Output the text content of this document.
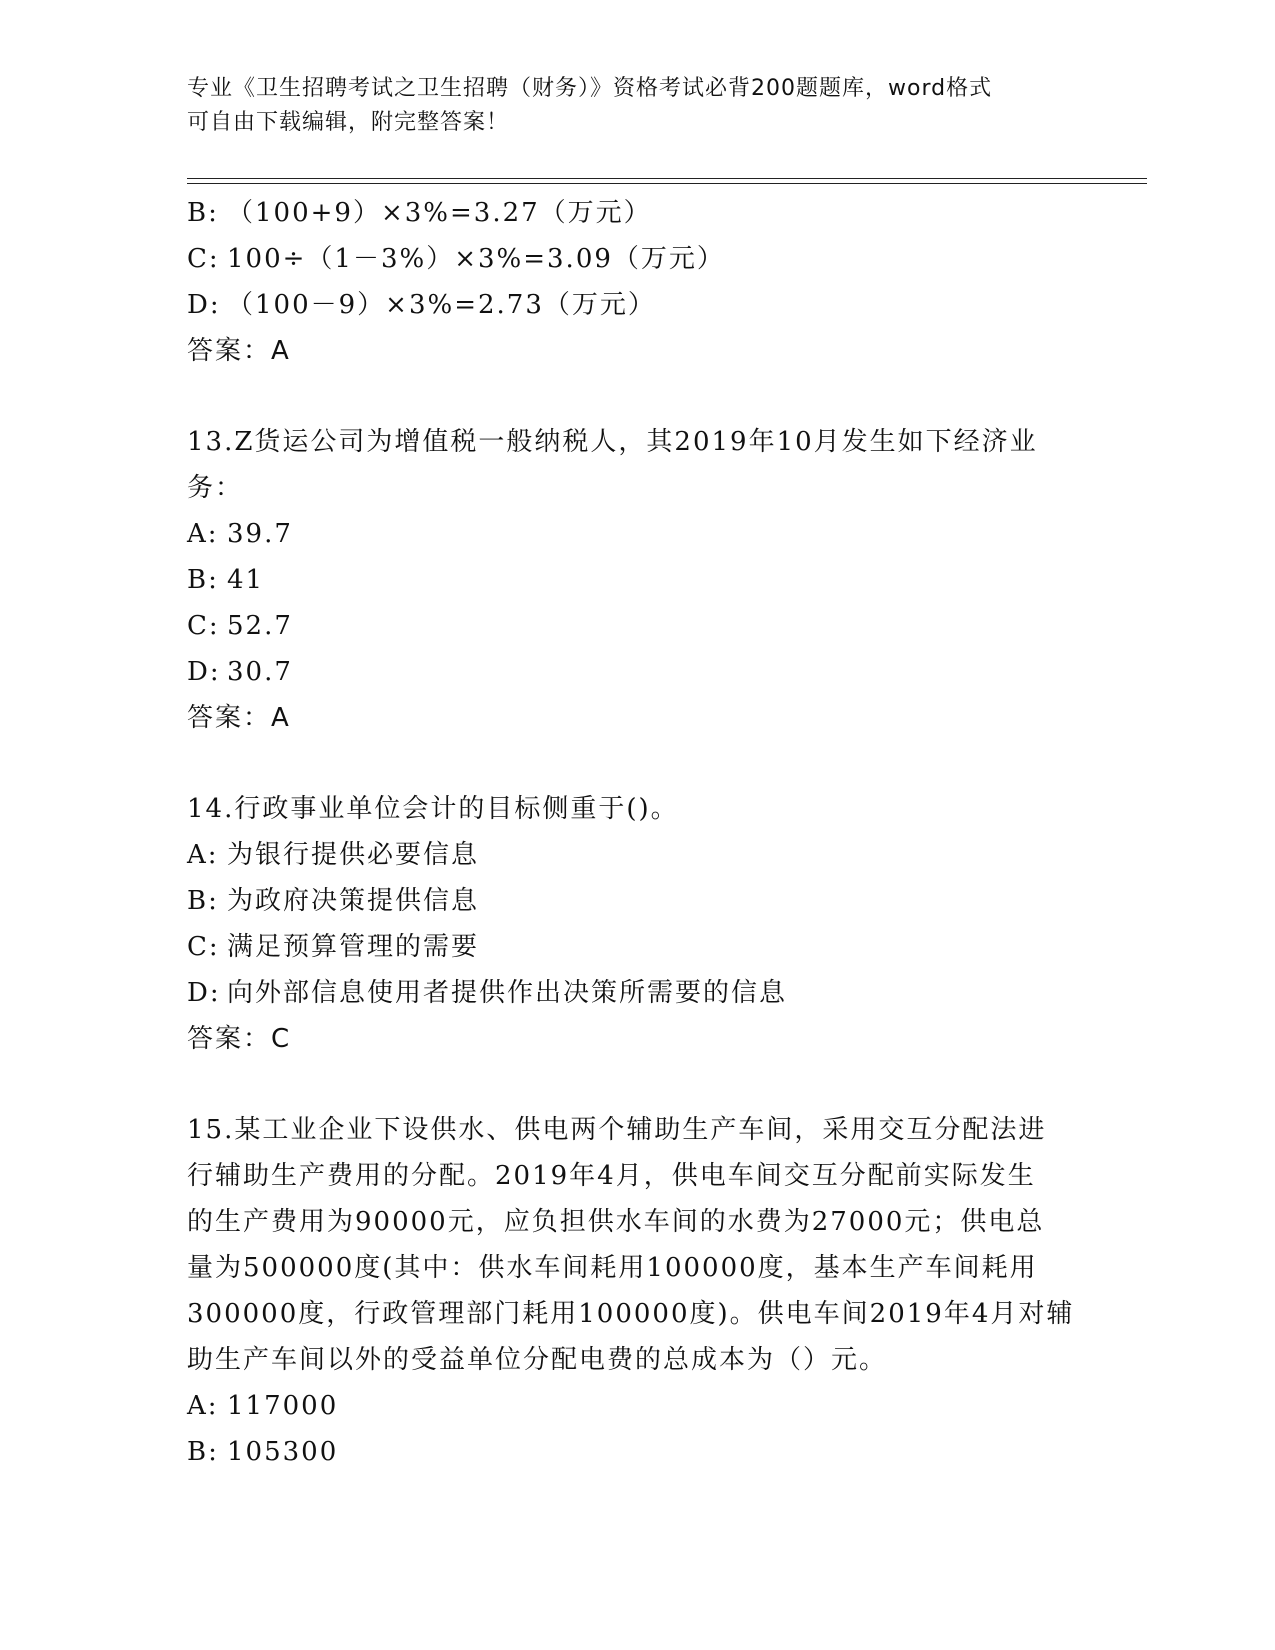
专业《卫生招聘考试之卫生招聘（财务）》资格考试必背200题题库，word格式
可自由下载编辑，附完整答案！
B: （100+9）×3%=3.27（万元）
C: 100÷（1－3%）×3%=3.09（万元）
D: （100－9）×3%=2.73（万元）
答案：A
13.Z货运公司为增值税一般纳税人，其2019年10月发生如下经济业
务：
A: 39.7
B: 41
C: 52.7
D: 30.7
答案：A
14.行政事业单位会计的目标侧重于()。
A: 为银行提供必要信息
B: 为政府决策提供信息
C: 满足预算管理的需要
D: 向外部信息使用者提供作出决策所需要的信息
答案：C
15.某工业企业下设供水、供电两个辅助生产车间，采用交互分配法进
行辅助生产费用的分配。2019年4月，供电车间交互分配前实际发生
的生产费用为90000元，应负担供水车间的水费为27000元；供电总
量为500000度(其中：供水车间耗用100000度，基本生产车间耗用
300000度，行政管理部门耗用100000度)。供电车间2019年4月对辅
助生产车间以外的受益单位分配电费的总成本为（）元。
A: 117000
B: 105300
